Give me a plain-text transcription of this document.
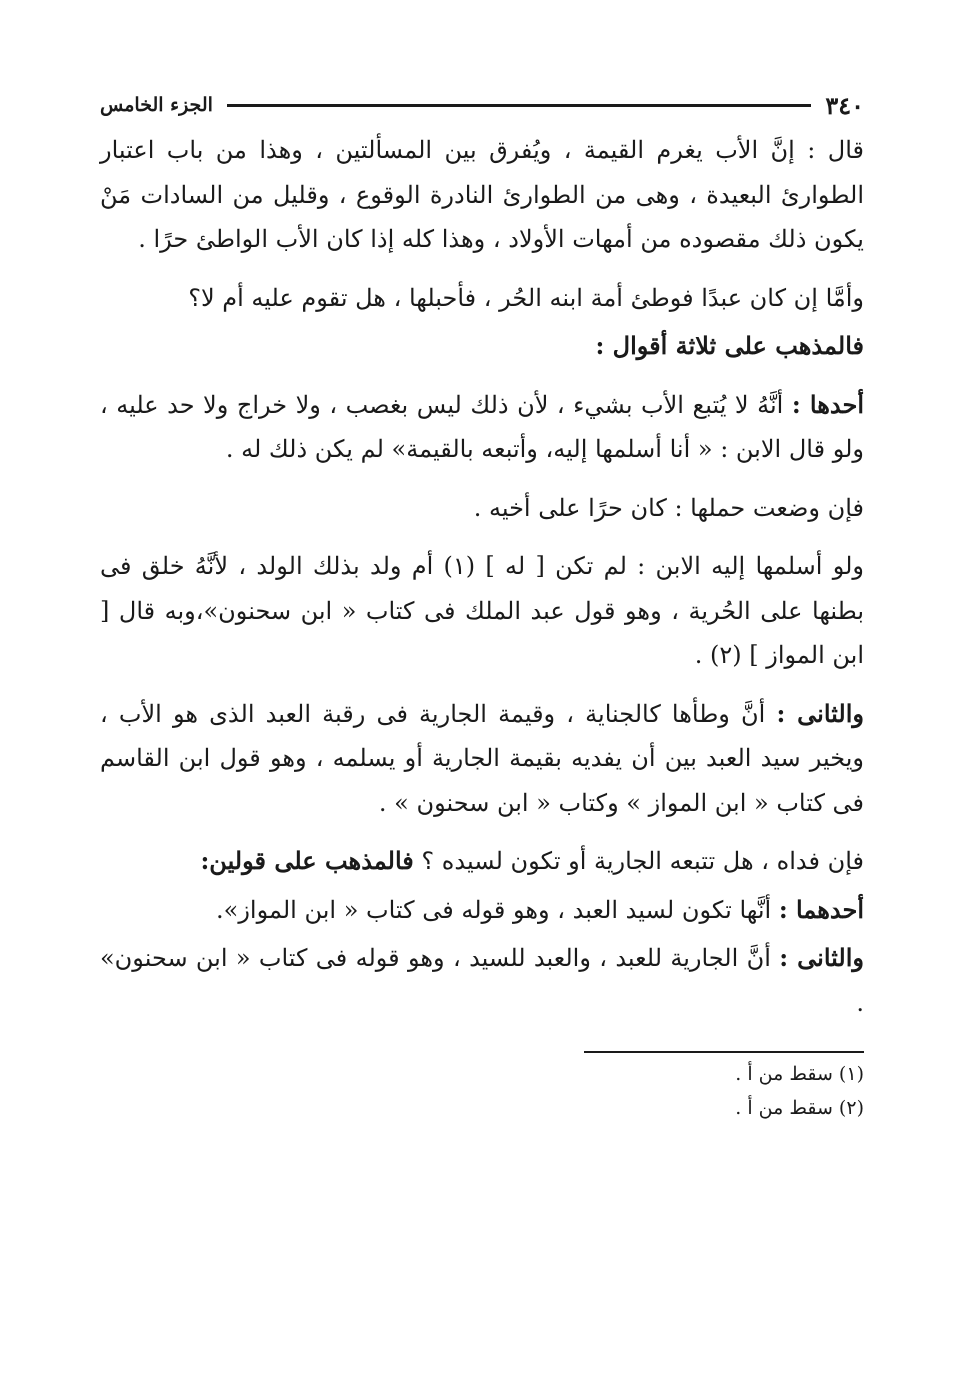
٣٤٠
الجزء الخامس

قال : إنَّ الأب يغرم القيمة ، ويُفرق بين المسألتين ، وهذا من باب اعتبار الطوارئ البعيدة ، وهى من الطوارئ النادرة الوقوع ، وقليل من السادات مَنْ يكون ذلك مقصوده من أمهات الأولاد ، وهذا كله إذا كان الأب الواطئ حرًا .

وأمَّا إن كان عبدًا فوطئ أمة ابنه الحُر ، فأحبلها ، هل تقوم عليه أم لا؟

فالمذهب على ثلاثة أقوال :

أحدها : أنَّهُ لا يُتبع الأب بشيء ، لأن ذلك ليس بغصب ، ولا خراج ولا حد عليه ، ولو قال الابن : « أنا أسلمها إليه، وأتبعه بالقيمة» لم يكن ذلك له .

فإن وضعت حملها : كان حرًا على أخيه .

ولو أسلمها إليه الابن : لم تكن [ له ] (١) أم ولد بذلك الولد ، لأنَّهُ خلق فى بطنها على الحُرية ، وهو قول عبد الملك فى كتاب « ابن سحنون»،وبه قال [ ابن المواز ] (٢) .

والثانى : أنَّ وطأها كالجناية ، وقيمة الجارية فى رقبة العبد الذى هو الأب ، ويخير سيد العبد بين أن يفديه بقيمة الجارية أو يسلمه ، وهو قول ابن القاسم فى كتاب « ابن المواز » وكتاب « ابن سحنون » .

فإن فداه ، هل تتبعه الجارية أو تكون لسيده ؟ فالمذهب على قولين:

أحدهما : أنَّها تكون لسيد العبد ، وهو قوله فى كتاب « ابن المواز».

والثانى : أنَّ الجارية للعبد ، والعبد للسيد ، وهو قوله فى كتاب « ابن سحنون» .

(١) سقط من أ .
(٢) سقط من أ .
